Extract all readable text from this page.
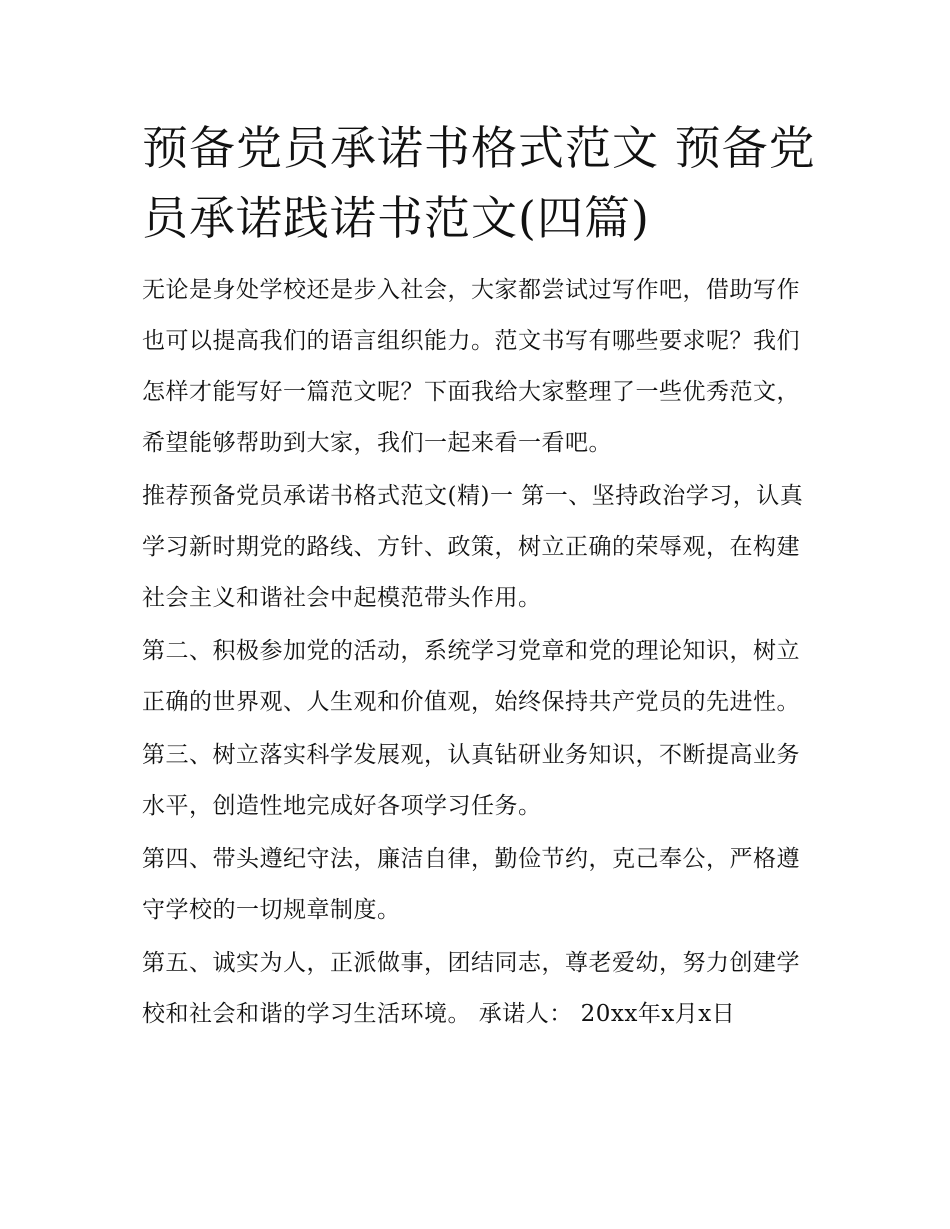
预备党员承诺书格式范文 预备党员承诺践诺书范文(四篇)

无论是身处学校还是步入社会，大家都尝试过写作吧，借助写作也可以提高我们的语言组织能力。范文书写有哪些要求呢？我们怎样才能写好一篇范文呢？下面我给大家整理了一些优秀范文，希望能够帮助到大家，我们一起来看一看吧。

推荐预备党员承诺书格式范文(精)一 第一、坚持政治学习，认真学习新时期党的路线、方针、政策，树立正确的荣辱观，在构建社会主义和谐社会中起模范带头作用。

第二、积极参加党的活动，系统学习党章和党的理论知识，树立正确的世界观、人生观和价值观，始终保持共产党员的先进性。

第三、树立落实科学发展观，认真钻研业务知识，不断提高业务水平，创造性地完成好各项学习任务。

第四、带头遵纪守法，廉洁自律，勤俭节约，克己奉公，严格遵守学校的一切规章制度。

第五、诚实为人，正派做事，团结同志，尊老爱幼，努力创建学校和社会和谐的学习生活环境。 承诺人： 20xx年x月x日
